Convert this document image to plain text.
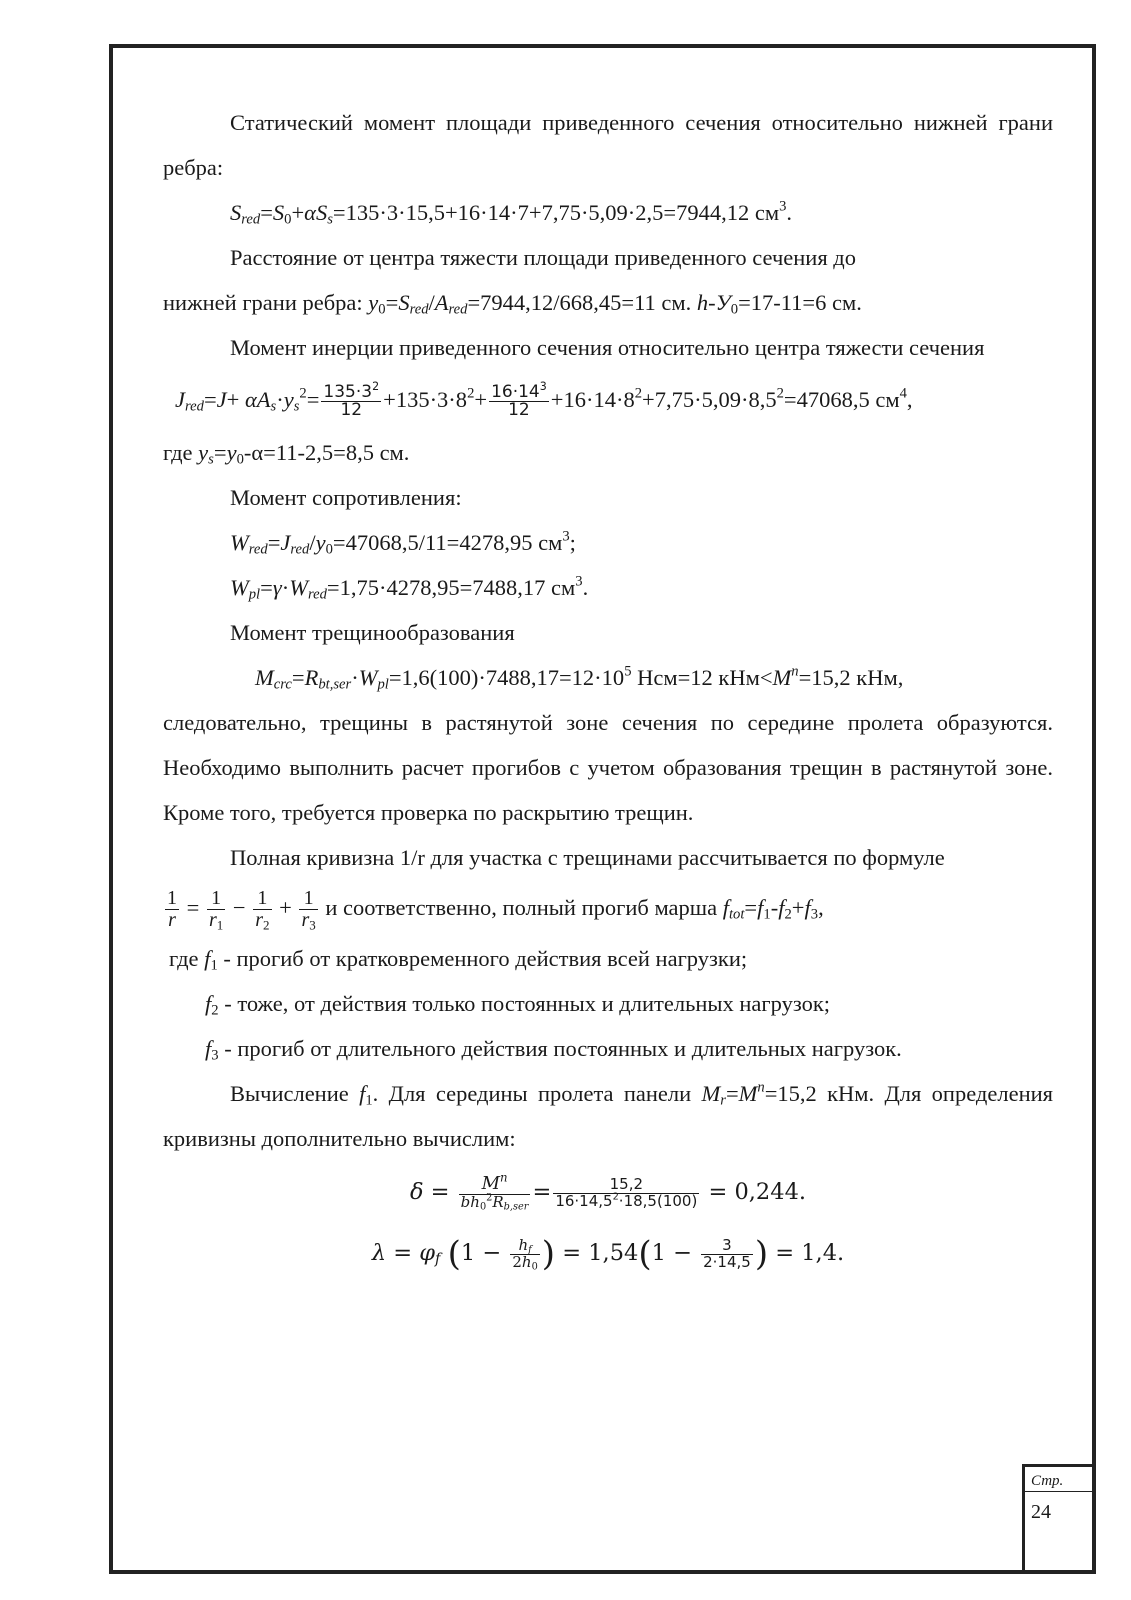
Статический момент площади приведенного сечения относительно нижней грани ребра:

$S_{red}=S_0+\alpha S_s=135\cdot 3\cdot 15,5+16\cdot 14\cdot 7+7,75\cdot 5,09\cdot 2,5=7944,12$ $см^3$.

Расстояние от центра тяжести площади приведенного сечения до

нижней грани ребра: $y_0=S_{red}/A_{red}=7944,12/668,45=11$ см. $h-У_0=17-11=6$ см.

Момент инерции приведенного сечения относительно центра тяжести сечения

$J_{red}=J+ \alpha A_s\cdot y_s^2= \frac{135\cdot 3^2}{12} +135\cdot 3\cdot 8^2+ \frac{16\cdot 14^3}{12} +16\cdot 14\cdot 8^2+7,75\cdot 5,09\cdot 8,5^2=47068,5$ $см^4$,

где $y_s=y_0-\alpha=11-2,5=8,5$ см.

Момент сопротивления:

$W_{red}=J_{red}/y_0=47068,5/11=4278,95$ $см^3$;

$W_{pl}=\gamma\cdot W_{red}=1,75\cdot 4278,95=7488,17$ $см^3$.

Момент трещинообразования

$M_{crc}=R_{bt,ser}\cdot W_{pl}=1,6(100)\cdot 7488,17=12\cdot 10^5$ Нсм=12 $кНм<M^n=15,2$ кНм,

следовательно, трещины в растянутой зоне сечения по середине пролета образуются. Необходимо выполнить расчет прогибов с учетом образования трещин в растянутой зоне. Кроме того, требуется проверка по раскрытию трещин.

Полная кривизна 1/r для участка с трещинами рассчитывается по формуле

$\frac{1}{r} = \frac{1}{r_1} - \frac{1}{r_2} + \frac{1}{r_3}$ и соответственно, полный прогиб марша $f_{tot}=f_1-f_2+f_3$,

где $f_1$ - прогиб от кратковременного действия всей нагрузки;

$f_2$ - тоже, от действия только постоянных и длительных нагрузок;

$f_3$ - прогиб от длительного действия постоянных и длительных нагрузок.

Вычисление $f_1$. Для середины пролета панели $M_r=M^n=15,2$ кНм. Для определения кривизны дополнительно вычислим:

$\delta = \frac{M^n}{bh_0^2R_{b,ser}} = \frac{15,2}{16\cdot 14,5^2\cdot 18,5(100)} = 0,244$.

$\lambda = \varphi_f$ ($1 - \frac{h_f}{2h_0}$ ) = $1,54(1 - \frac{3}{2\cdot 14,5}$ ) = 1,4.

Стр.
24
